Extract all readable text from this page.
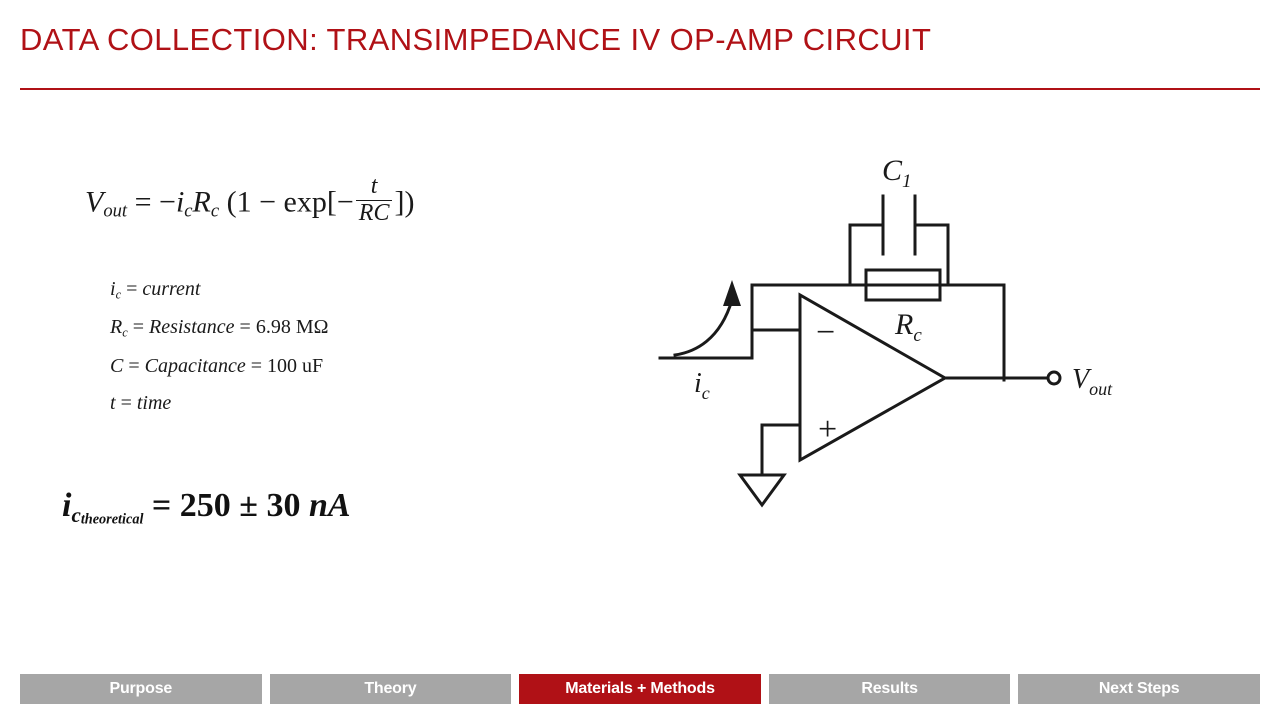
DATA COLLECTION: TRANSIMPEDANCE IV OP-AMP CIRCUIT
$V_{out} = -i_cR_c$ ($1 - \exp[- \frac{t}{RC}$ ])
$i_c$ = current
$R_c$ = Resistance = 6.98 MΩ
C = Capacitance = 100 uF
t = time
$i_{ctheoretical} = 250 \pm 30$ nA
−
+
$C_1$
$R_c$
$i_c$	$V_{out}$
Purpose	Theory	Materials + Methods	Results	Next Steps
